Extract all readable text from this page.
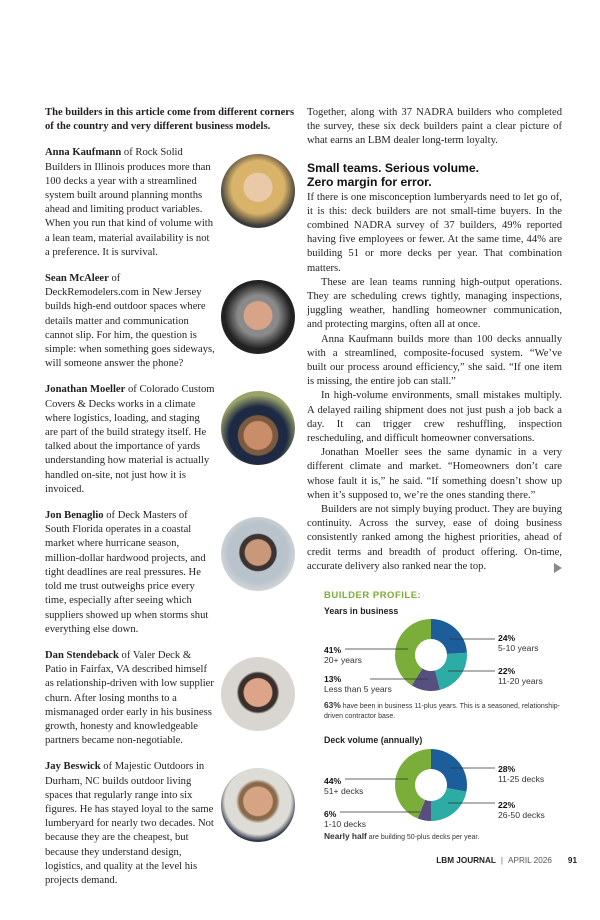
The builders in this article come from different corners of the country and very different business models.
Anna Kaufmann of Rock Solid Builders in Illinois produces more than 100 decks a year with a streamlined system built around planning months ahead and limiting product variables. When you run that kind of volume with a lean team, material availability is not a preference. It is survival.
Sean McAleer of DeckRemodelers.com in New Jersey builds high-end outdoor spaces where details matter and communication cannot slip. For him, the question is simple: when something goes sideways, will someone answer the phone?
Jonathan Moeller of Colorado Custom Covers & Decks works in a climate where logistics, loading, and staging are part of the build strategy itself. He talked about the importance of yards understanding how material is actually handled on-site, not just how it is invoiced.
Jon Benaglio of Deck Masters of South Florida operates in a coastal market where hurricane season, million-dollar hardwood projects, and tight deadlines are real pressures. He told me trust outweighs price every time, especially after seeing which suppliers showed up when storms shut everything else down.
Dan Stendeback of Valer Deck & Patio in Fairfax, VA described himself as relationship-driven with low supplier churn. After losing months to a mismanaged order early in his business growth, honesty and knowledgeable partners became non-negotiable.
Jay Beswick of Majestic Outdoors in Durham, NC builds outdoor living spaces that regularly range into six figures. He has stayed loyal to the same lumberyard for nearly two decades. Not because they are the cheapest, but because they understand design, logistics, and quality at the level his projects demand.

Together, along with 37 NADRA builders who completed the survey, these six deck builders paint a clear picture of what earns an LBM dealer long-term loyalty.

Small teams. Serious volume.
Zero margin for error.

If there is one misconception lumberyards need to let go of, it is this: deck builders are not small-time buyers. In the combined NADRA survey of 37 builders, 49% reported having five employees or fewer. At the same time, 44% are building 51 or more decks per year. That combination matters.

These are lean teams running high-output operations. They are scheduling crews tightly, managing inspections, juggling weather, handling homeowner communication, and protecting margins, often all at once.

Anna Kaufmann builds more than 100 decks annually with a streamlined, composite-focused system. “We’ve built our process around efficiency,” she said. “If one item is missing, the entire job can stall.”

In high-volume environments, small mistakes multiply. A delayed railing shipment does not just push a job back a day. It can trigger crew reshuffling, inspection rescheduling, and difficult homeowner conversations.

Jonathan Moeller sees the same dynamic in a very different climate and market. “Homeowners don’t care whose fault it is,” he said. “If something doesn’t show up when it’s supposed to, we’re the ones standing there.”

Builders are not simply buying product. They are buying continuity. Across the survey, ease of doing business consistently ranked among the highest priorities, ahead of credit terms and breadth of product offering. On-time, accurate delivery also ranked near the top.

BUILDER PROFILE:
Years in business
24%
5-10 years
22%
11-20 years
13%
Less than 5 years
41%
20+ years
63% have been in business 11-plus years. This is a seasoned, relationship-driven contractor base.
Deck volume (annually)
28%
11-25 decks
22%
26-50 decks
6%
1-10 decks
44%
51+ decks
Nearly half are building 50-plus decks per year.
LBM JOURNAL | APRIL 2026 91
